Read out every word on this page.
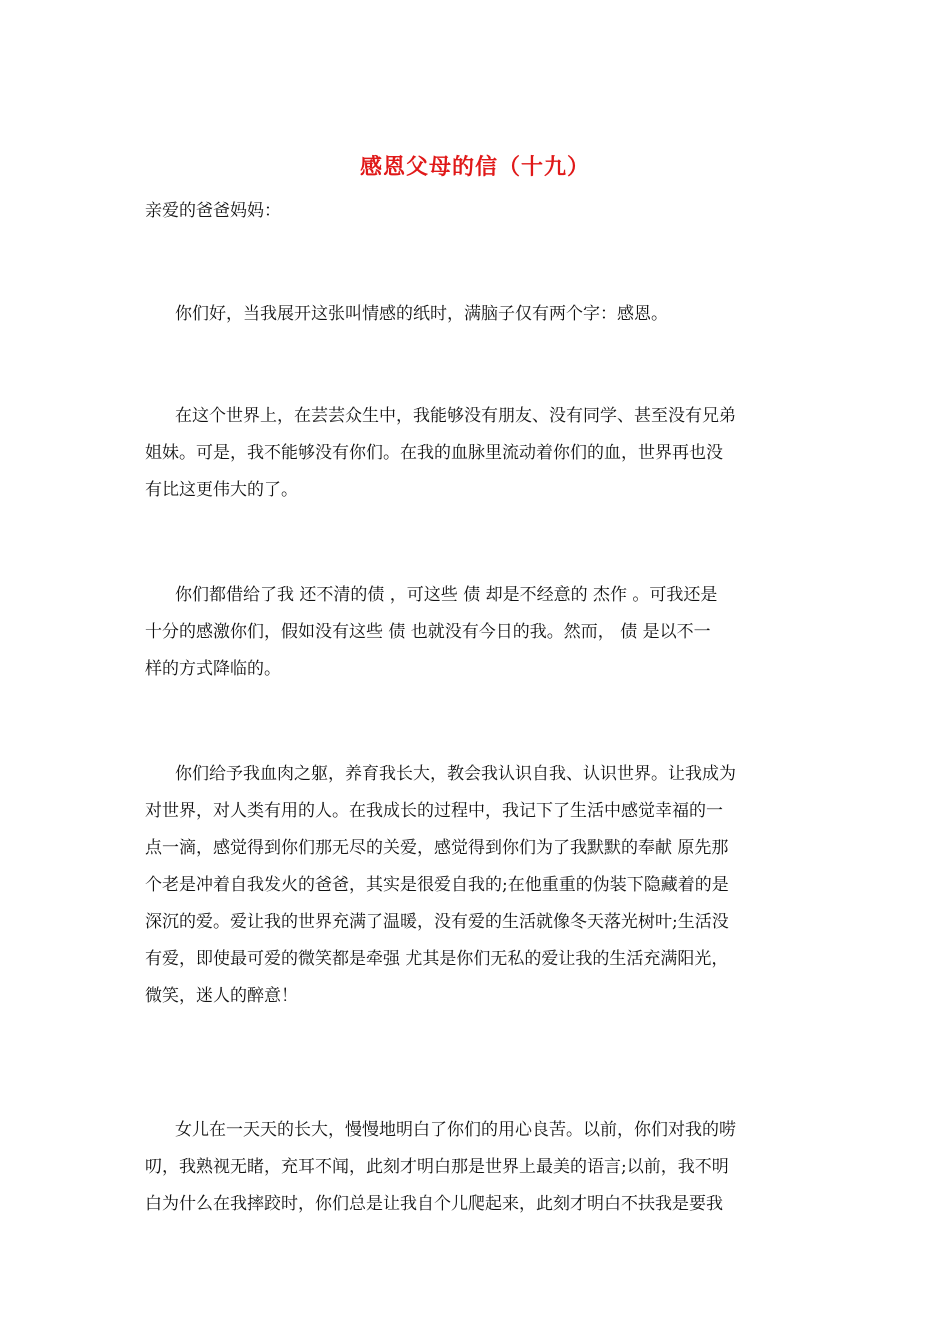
感恩父母的信（十九）
亲爱的爸爸妈妈：

你们好，当我展开这张叫情感的纸时，满脑子仅有两个字：感恩。

在这个世界上，在芸芸众生中，我能够没有朋友、没有同学、甚至没有兄弟
姐妹。可是，我不能够没有你们。在我的血脉里流动着你们的血，世界再也没
有比这更伟大的了。

你们都借给了我 还不清的债 ，可这些 债 却是不经意的 杰作 。可我还是
十分的感激你们，假如没有这些 债 也就没有今日的我。然而， 债 是以不一
样的方式降临的。

你们给予我血肉之躯，养育我长大，教会我认识自我、认识世界。让我成为
对世界，对人类有用的人。在我成长的过程中，我记下了生活中感觉幸福的一
点一滴，感觉得到你们那无尽的关爱，感觉得到你们为了我默默的奉献 原先那
个老是冲着自我发火的爸爸，其实是很爱自我的;在他重重的伪装下隐藏着的是
深沉的爱。爱让我的世界充满了温暖，没有爱的生活就像冬天落光树叶;生活没
有爱，即使最可爱的微笑都是牵强 尤其是你们无私的爱让我的生活充满阳光，
微笑，迷人的醉意！

女儿在一天天的长大，慢慢地明白了你们的用心良苦。以前，你们对我的唠
叨，我熟视无睹，充耳不闻，此刻才明白那是世界上最美的语言;以前，我不明
白为什么在我摔跤时，你们总是让我自个儿爬起来，此刻才明白不扶我是要我
